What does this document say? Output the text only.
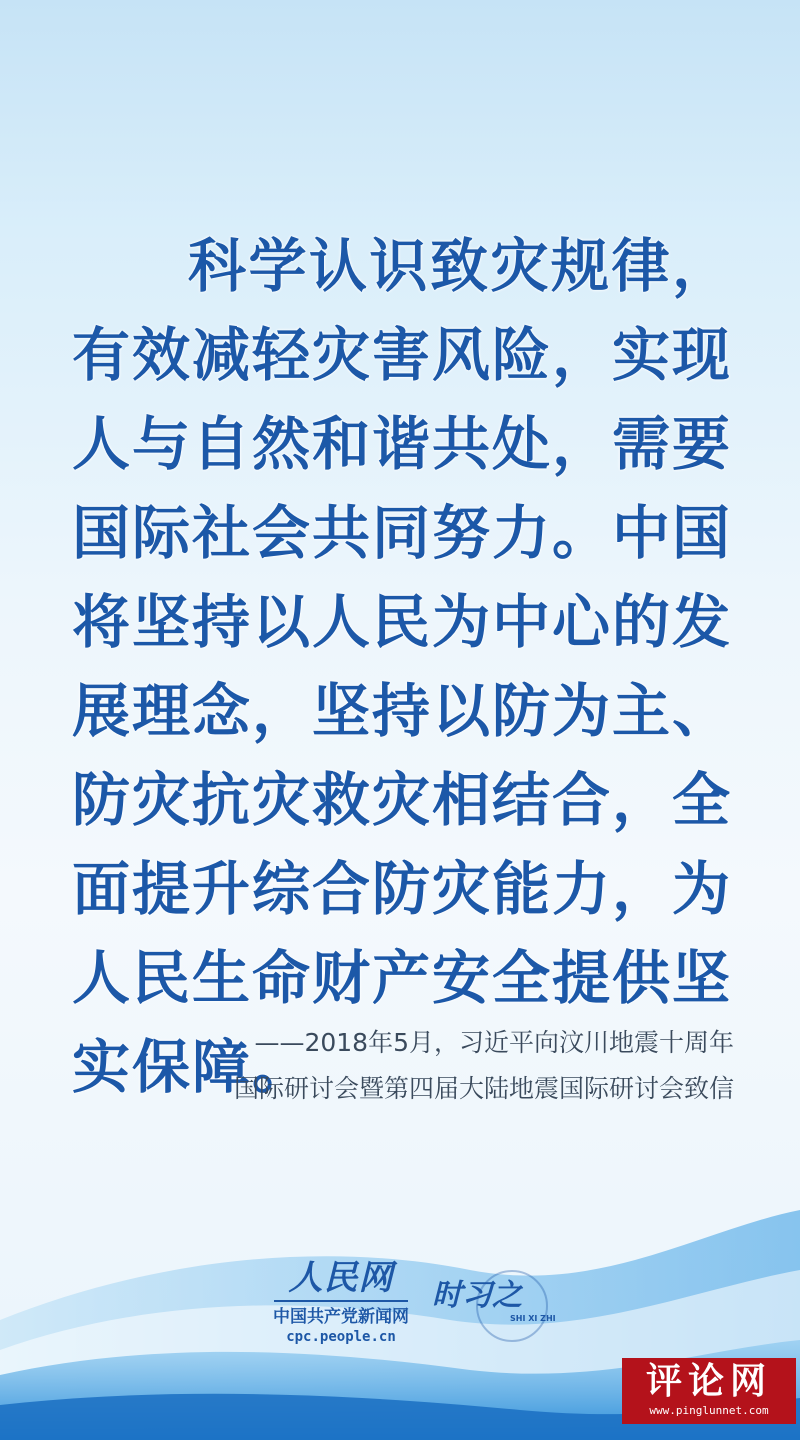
科学认识致灾规律，有效减轻灾害风险，实现人与自然和谐共处，需要国际社会共同努力。中国将坚持以人民为中心的发展理念，坚持以防为主、防灾抗灾救灾相结合，全面提升综合防灾能力，为人民生命财产安全提供坚实保障。
——2018年5月，习近平向汶川地震十周年
国际研讨会暨第四届大陆地震国际研讨会致信
人民网
中国共产党新闻网
cpc.people.cn
时习之
SHI XI ZHI
评论网
www.pinglunnet.com
